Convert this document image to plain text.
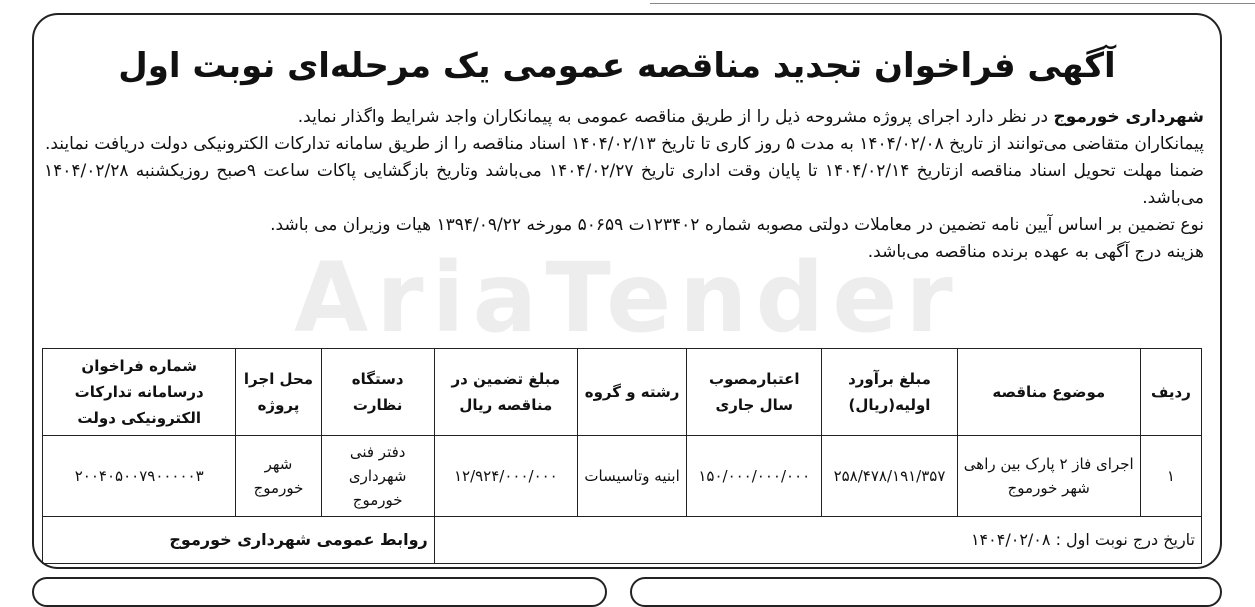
AriaTender
آگهی فراخوان تجدید مناقصه عمومی یک مرحله‌ای نوبت اول

شهرداری خورموج در نظر دارد اجرای پروژه مشروحه ذیل را از طریق مناقصه عمومی به پیمانکاران واجد شرایط واگذار نماید.

پیمانکاران متقاضی می‌توانند از تاریخ ۱۴۰۴/۰۲/۰۸ به مدت ۵ روز کاری تا تاریخ ۱۴۰۴/۰۲/۱۳ اسناد مناقصه را از طریق سامانه تدارکات الکترونیکی دولت دریافت نمایند.

ضمنا مهلت تحویل اسناد مناقصه ازتاریخ ۱۴۰۴/۰۲/۱۴ تا پایان وقت اداری تاریخ ۱۴۰۴/۰۲/۲۷ می‌باشد وتاریخ بازگشایی پاکات ساعت ۹صبح روزیکشنبه ۱۴۰۴/۰۲/۲۸ می‌باشد.

نوع تضمین بر اساس آیین نامه تضمین در معاملات دولتی مصوبه شماره ۱۲۳۴۰۲ت ۵۰۶۵۹ مورخه ۱۳۹۴/۰۹/۲۲ هیات وزیران می باشد.

هزینه درج آگهی به عهده برنده مناقصه می‌باشد.

ردیف	موضوع مناقصه	مبلغ برآورد اولیه(ریال)	اعتبارمصوب سال جاری	رشته و گروه	مبلغ تضمین در مناقصه ریال	دستگاه نظارت	محل اجرا پروژه	شماره فراخوان درسامانه تدارکات الکترونیکی دولت
۱	اجرای فاز ۲ پارک بین راهی شهر خورموج	۲۵۸/۴۷۸/۱۹۱/۳۵۷	۱۵۰/۰۰۰/۰۰۰/۰۰۰	ابنیه وتاسیسات	۱۲/۹۲۴/۰۰۰/۰۰۰	دفتر فنی شهرداری خورموج	شهر خورموج	۲۰۰۴۰۵۰۰۷۹۰۰۰۰۰۳
تاریخ درج نوبت اول : ۱۴۰۴/۰۲/۰۸						روابط عمومی شهرداری خورموج		
